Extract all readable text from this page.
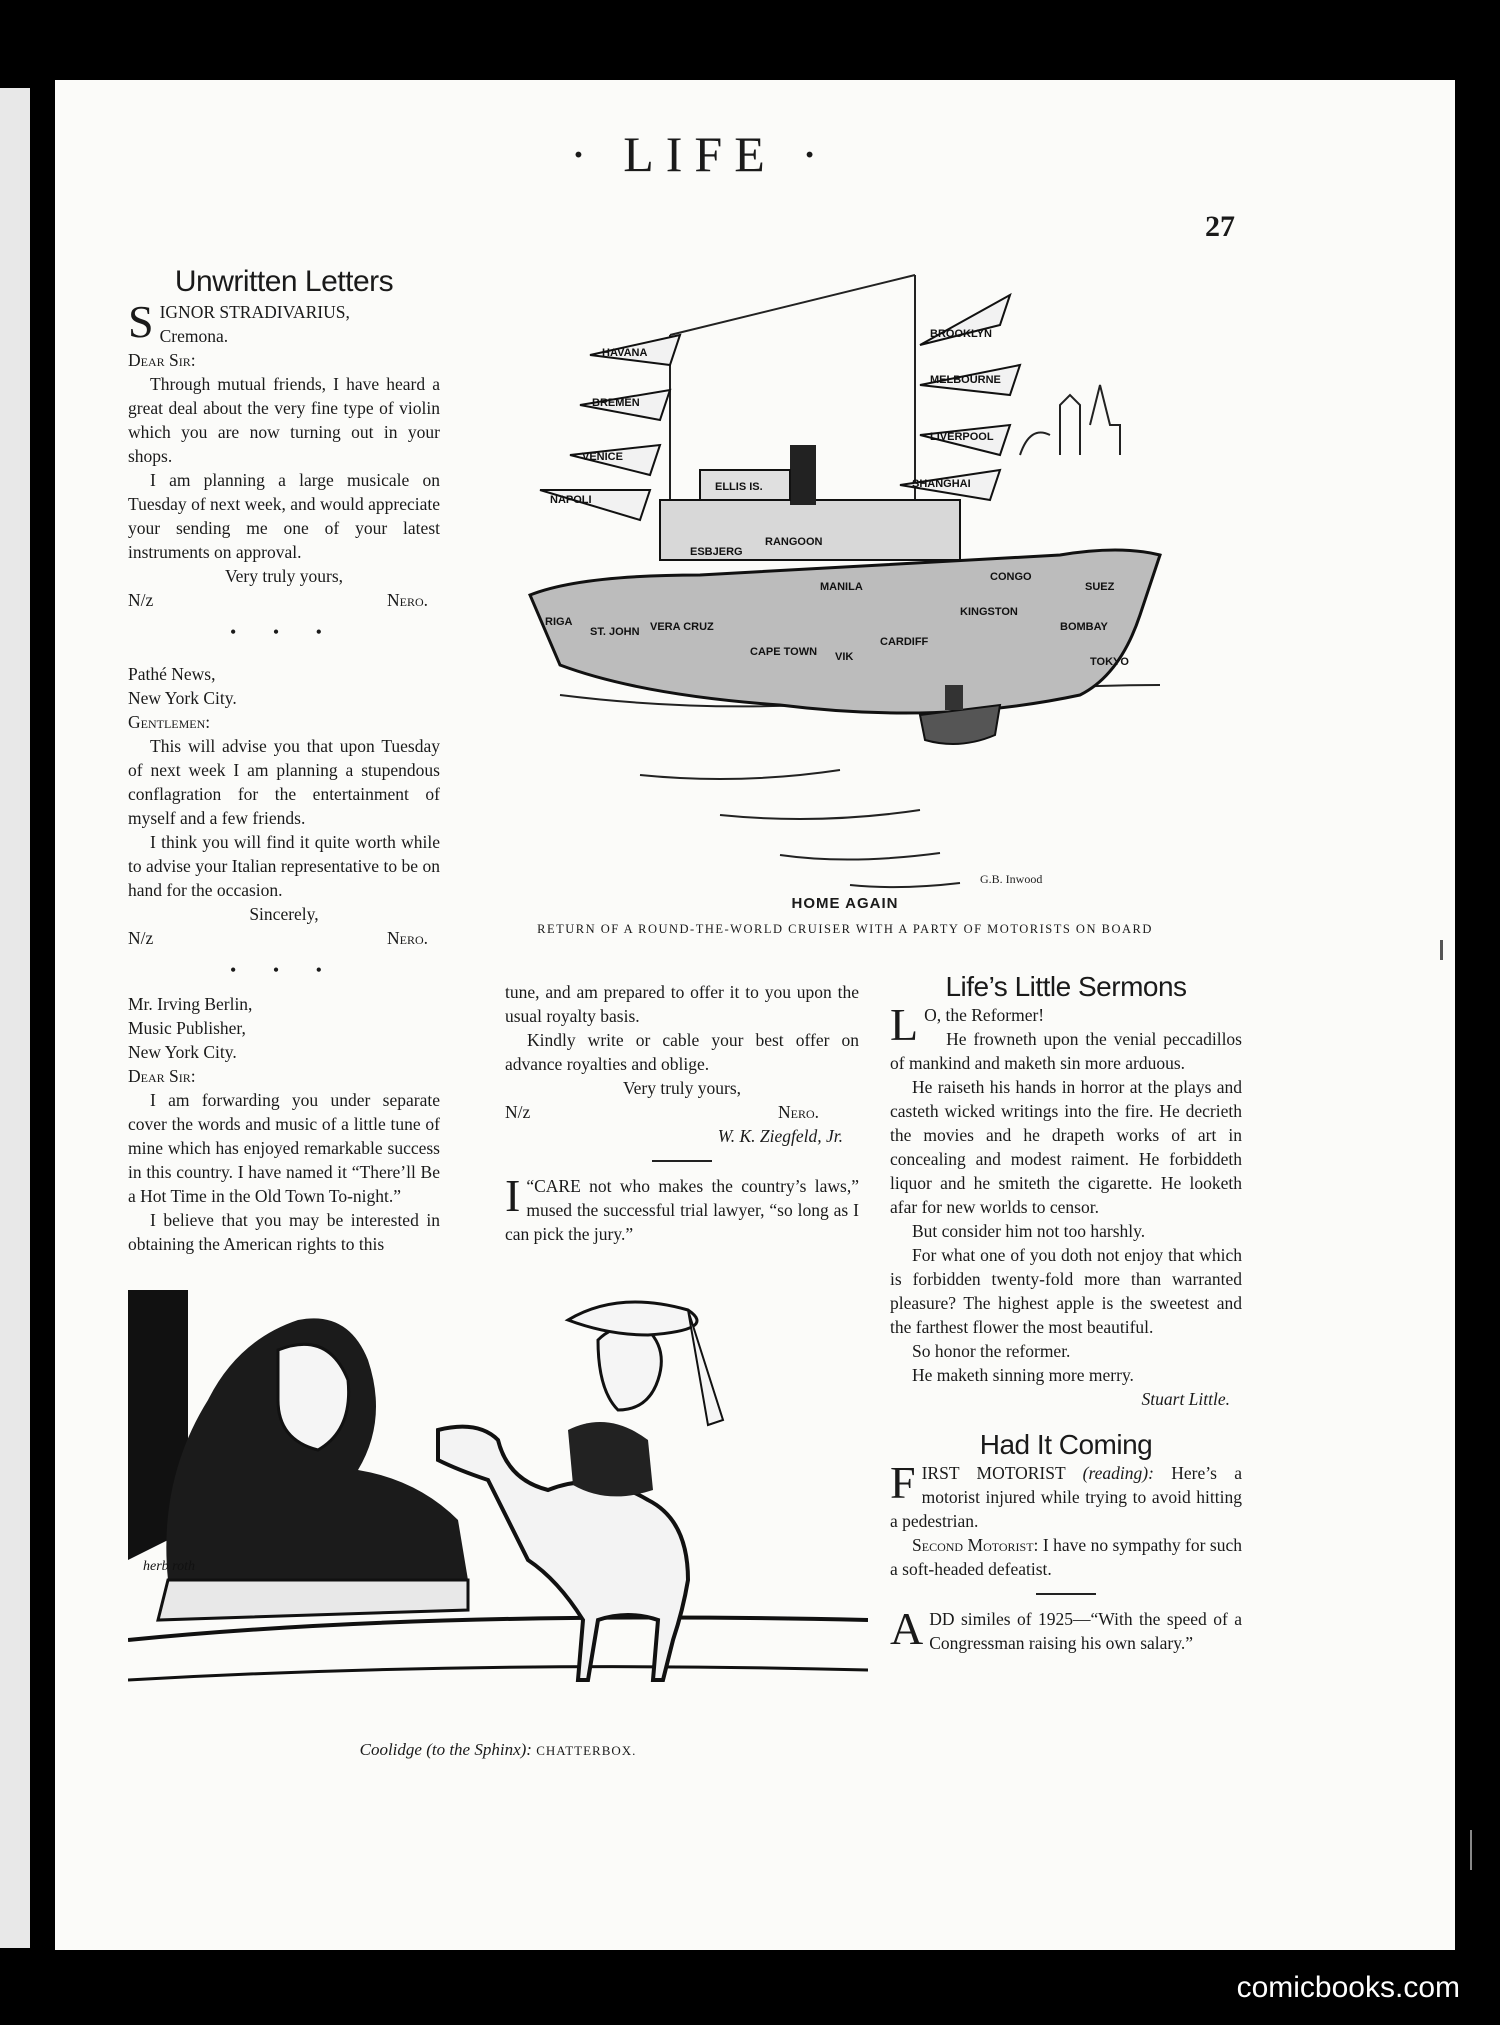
· LIFE ·
27
Unwritten Letters

SIGNOR STRADIVARIUS,

Cremona.

Dear Sir:

Through mutual friends, I have heard a great deal about the very fine type of violin which you are now turning out in your shops.

I am planning a large musicale on Tuesday of next week, and would appreciate your sending me one of your latest instruments on approval.

Very truly yours,

N/z	Nero.

• • •

Pathé News,

New York City.

Gentlemen:

This will advise you that upon Tuesday of next week I am planning a stupendous conflagration for the entertainment of myself and a few friends.

I think you will find it quite worth while to advise your Italian representative to be on hand for the occasion.

Sincerely,

N/z	Nero.

• • •

Mr. Irving Berlin,

Music Publisher,

New York City.

Dear Sir:

I am forwarding you under separate cover the words and music of a little tune of mine which has enjoyed remarkable success in this country. I have named it “There’ll Be a Hot Time in the Old Town To-night.”

I believe that you may be interested in obtaining the American rights to this

HAVANA
BREMEN
VENICE
NAPOLI
BROOKLYN
MELBOURNE
LIVERPOOL
SHANGHAI
RIGA
ST. JOHN VERA CRUZ
MANILA
CAPE TOWN VIK
CARDIFF
KINGSTON
CONGO
SUEZ
BOMBAY
TOKYO
ESBJERG
RANGOON
ELLIS IS.
G.B. Inwood
HOME AGAIN
RETURN OF A ROUND-THE-WORLD CRUISER WITH A PARTY OF MOTORISTS ON BOARD

tune, and am prepared to offer it to you upon the usual royalty basis.

Kindly write or cable your best offer on advance royalties and oblige.

Very truly yours,

N/z	Nero.

W. K. Ziegfeld, Jr.

“
I CARE not who makes the country’s laws,” mused the successful trial lawyer, “so long as I can pick the jury.”

Life’s Little Sermons

L O, the Reformer!

He frowneth upon the venial peccadillos of mankind and maketh sin more arduous.

He raiseth his hands in horror at the plays and casteth wicked writings into the fire. He decrieth the movies and he drapeth works of art in concealing and modest raiment. He forbiddeth liquor and he smiteth the cigarette. He looketh afar for new worlds to censor.

But consider him not too harshly.

For what one of you doth not enjoy that which is forbidden twenty-fold more than warranted pleasure? The highest apple is the sweetest and the farthest flower the most beautiful.

So honor the reformer.

He maketh sinning more merry.

Stuart Little.

Had It Coming

FIRST MOTORIST (reading): Here’s a motorist injured while trying to avoid hitting a pedestrian.

Second Motorist: I have no sympathy for such a soft-headed defeatist.

ADD similes of 1925—“With the speed of a Congressman raising his own salary.”

herb roth
Coolidge (to the Sphinx): CHATTERBOX.
comicbooks.com
